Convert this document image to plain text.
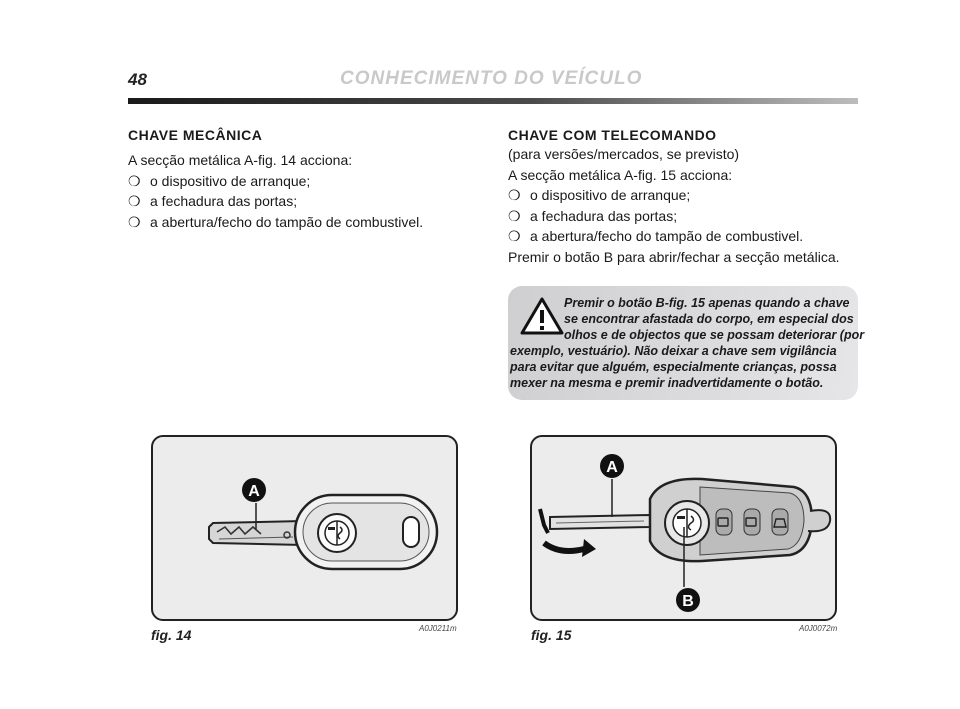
48	CONHECIMENTO DO VEÍCULO
CHAVE MECÂNICA

A secção metálica A-fig. 14 acciona:

❍ o dispositivo de arranque;
❍ a fechadura das portas;
❍ a abertura/fecho do tampão de combustivel.
CHAVE COM TELECOMANDO

(para versões/mercados, se previsto)

A secção metálica A-fig. 15 acciona:

❍ o dispositivo de arranque;
❍ a fechadura das portas;
❍ a abertura/fecho do tampão de combustivel.

Premir o botão B para abrir/fechar a secção metálica.

Premir o botão B-fig. 15 apenas quando a chave
se encontrar afastada do corpo, em especial dos
olhos e de objectos que se possam deteriorar (por
exemplo, vestuário). Não deixar a chave sem vigilância
para evitar que alguém, especialmente crianças, possa
mexer na mesma e premir inadvertidamente o botão.
A
fig. 14	A0J0211m
A
B
fig. 15	A0J0072m
